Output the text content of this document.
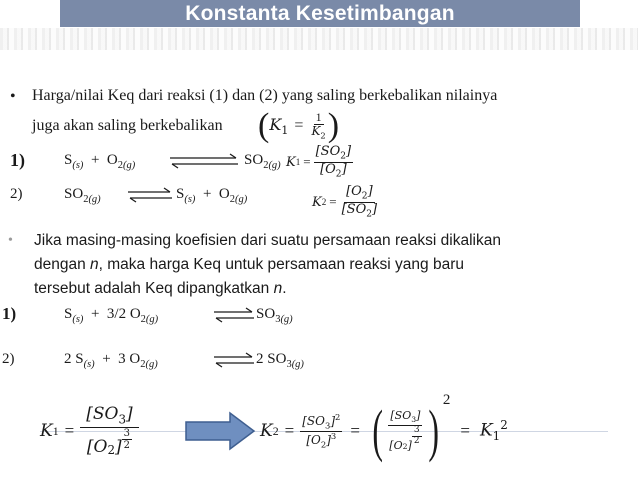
Konstanta Kesetimbangan
• Harga/nilai Keq dari reaksi (1) dan (2) yang saling berkebalikan nilainya
juga akan saling berkebalikan ( $K_1 = \frac{1}{K_2}$ )
1)	$S_{(s)} + O_{2(g)}$	$SO_{2(g)}$ K $1 = \frac{[SO_2]}{[O_2]}$
2)	$SO_{2(g)}$	$S_{(s)} + O_{2(g)}$	K $2 = \frac{[O_2]}{[SO_2]}$
• Jika masing-masing koefisien dari suatu persamaan reaksi dikalikan
dengan n, maka harga Keq untuk persamaan reaksi yang baru
tersebut adalah Keq dipangkatkan n.
1)	$S_{(s)} + 3/2$ $O_{2(g)}$	$SO_{3(g)}$
2)	2 $S_{(s)} + 3$ $O_{2(g)}$	2 $SO_{3(g)}$
K $1 = \frac{[SO_3]}{[O 2 ] \frac{3}{2}}$	K $2 = \frac{[SO_3]^2}{[O_2]^3}$ = ( $\frac{[SO_3]}{[O 2 ] \frac{3}{2}}$ ) 2
= $K_1^2$
